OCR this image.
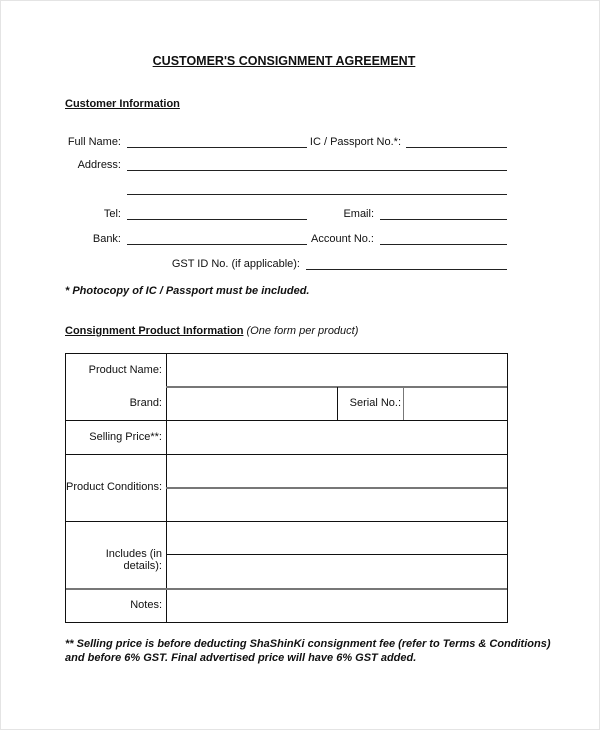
CUSTOMER'S CONSIGNMENT AGREEMENT
Customer Information
Full Name:	IC / Passport No.*:
Address:
Tel:	Email:
Bank:	Account No.:
GST ID No. (if applicable):
* Photocopy of IC / Passport must be included.
Consignment Product Information (One form per product)
Product Name:
Brand:	Serial No.:
Selling Price**:
Product Conditions:
Includes (in details):
Notes:
** Selling price is before deducting ShaShinKi consignment fee (refer to Terms & Conditions)
and before 6% GST. Final advertised price will have 6% GST added.
